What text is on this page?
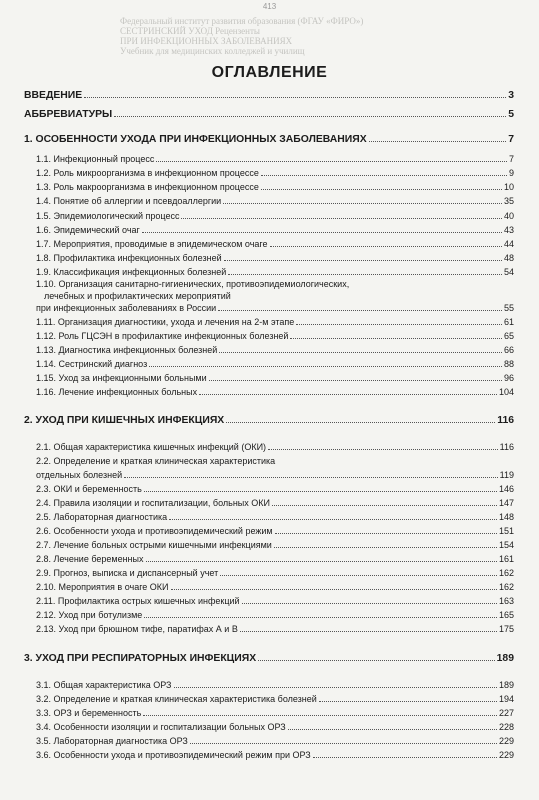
413
Федеральный институт развития образования (ФГАУ «ФИРО»)
СЕСТРИНСКИЙ УХОД Рецензенты
ПРИ ИНФЕКЦИОННЫХ ЗАБОЛЕВАНИЯХ
Учебник для медицинских колледжей и училищ
ОГЛАВЛЕНИЕ
ВВЕДЕНИЕ	3
АББРЕВИАТУРЫ	5
1. ОСОБЕННОСТИ УХОДА ПРИ ИНФЕКЦИОННЫХ ЗАБОЛЕВАНИЯХ	7
1.1. Инфекционный процесс	7
1.2. Роль микроорганизма в инфекционном процессе	9
1.3. Роль макроорганизма в инфекционном процессе	10
1.4. Понятие об аллергии и псевдоаллергии	35
1.5. Эпидемиологический процесс	40
1.6. Эпидемический очаг	43
1.7. Мероприятия, проводимые в эпидемическом очаге	44
1.8. Профилактика инфекционных болезней	48
1.9. Классификация инфекционных болезней	54
1.10. Организация санитарно-гигиенических, противоэпидемиологических,
лечебных и профилактических мероприятий
при инфекционных заболеваниях в России	55
1.11. Организация диагностики, ухода и лечения на 2-м этапе	61
1.12. Роль ГЦСЭН в профилактике инфекционных болезней	65
1.13. Диагностика инфекционных болезней	66
1.14. Сестринский диагноз	88
1.15. Уход за инфекционными больными	96
1.16. Лечение инфекционных больных	104
2. УХОД ПРИ КИШЕЧНЫХ ИНФЕКЦИЯХ	116
2.1. Общая характеристика кишечных инфекций (ОКИ)	116
2.2. Определение и краткая клиническая характеристика
отдельных болезней	119
2.3. ОКИ и беременность	146
2.4. Правила изоляции и госпитализации, больных ОКИ	147
2.5. Лабораторная диагностика	148
2.6. Особенности ухода и противоэпидемический режим	151
2.7. Лечение больных острыми кишечными инфекциями	154
2.8. Лечение беременных	161
2.9. Прогноз, выписка и диспансерный учет	162
2.10. Мероприятия в очаге ОКИ	162
2.11. Профилактика острых кишечных инфекций	163
2.12. Уход при ботулизме	165
2.13. Уход при брюшном тифе, паратифах А и В	175
3. УХОД ПРИ РЕСПИРАТОРНЫХ ИНФЕКЦИЯХ	189
3.1. Общая характеристика ОРЗ	189
3.2. Определение и краткая клиническая характеристика болезней	194
3.3. ОРЗ и беременность	227
3.4. Особенности изоляции и госпитализации больных ОРЗ	228
3.5. Лабораторная диагностика ОРЗ	229
3.6. Особенности ухода и противоэпидемический режим при ОРЗ	229
